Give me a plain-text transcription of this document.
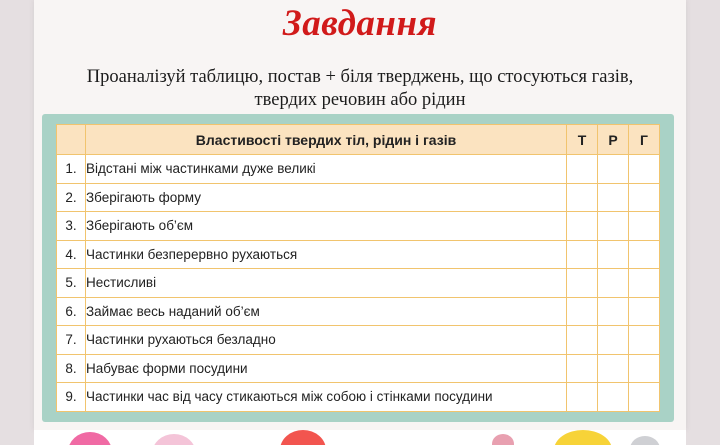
Завдання
Проаналізуй таблицю, постав + біля тверджень, що стосуються газів,
твердих речовин або рідин
	Властивості твердих тіл, рідин і газів	Т	Р	Г
1.	Відстані між частинками дуже великі			
2.	Зберігають форму			
3.	Зберігають об’єм			
4.	Частинки безперервно рухаються			
5.	Нестисливі			
6.	Займає весь наданий об’єм			
7.	Частинки рухаються безладно			
8.	Набуває форми посудини			
9.	Частинки час від часу стикаються між собою і стінками посудини			
